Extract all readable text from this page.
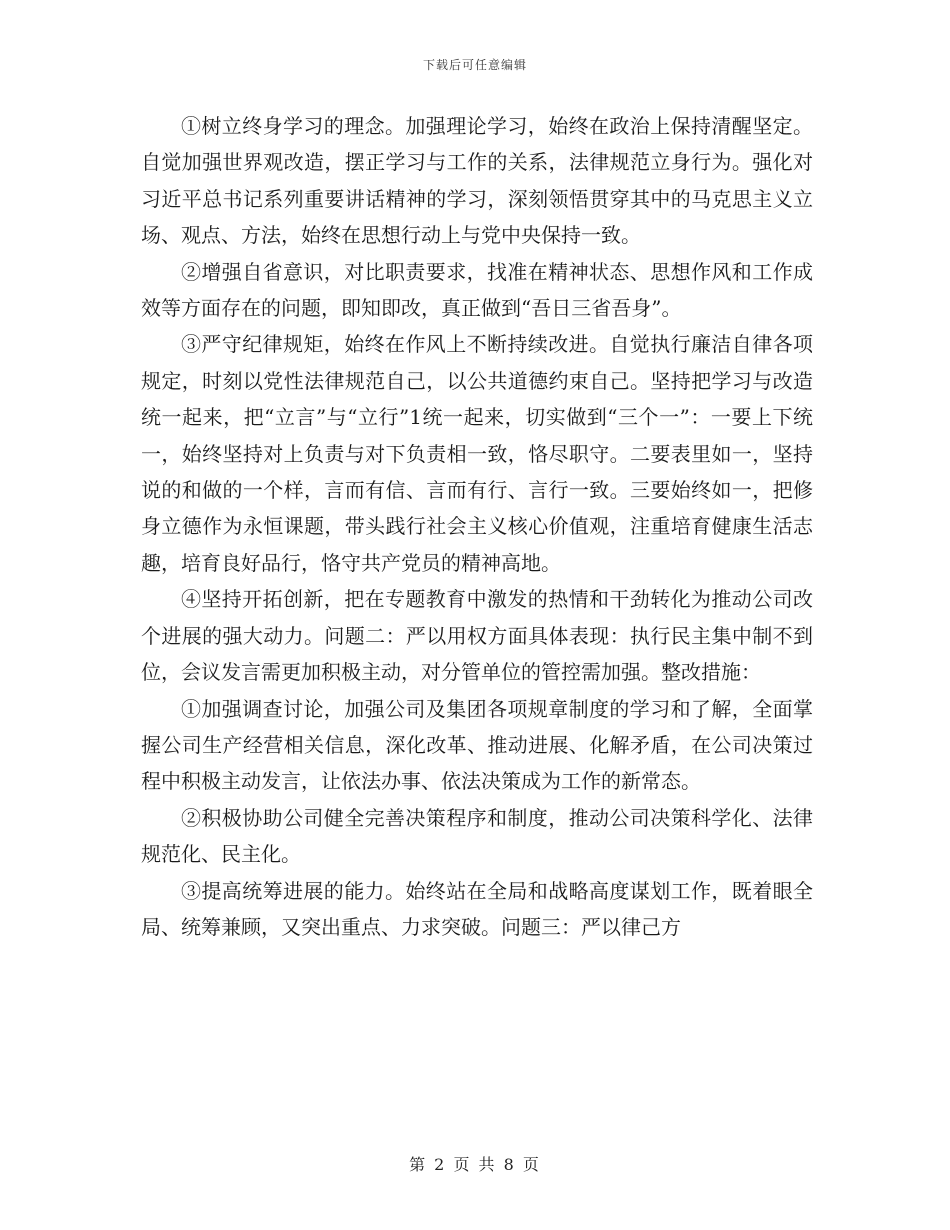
下载后可任意编辑

①树立终身学习的理念。加强理论学习，始终在政治上保持清醒坚定。自觉加强世界观改造，摆正学习与工作的关系，法律规范立身行为。强化对习近平总书记系列重要讲话精神的学习，深刻领悟贯穿其中的马克思主义立场、观点、方法，始终在思想行动上与党中央保持一致。

②增强自省意识，对比职责要求，找准在精神状态、思想作风和工作成效等方面存在的问题，即知即改，真正做到“吾日三省吾身”。

③严守纪律规矩，始终在作风上不断持续改进。自觉执行廉洁自律各项规定，时刻以党性法律规范自己，以公共道德约束自己。坚持把学习与改造统一起来，把“立言”与“立行”1统一起来，切实做到“三个一”：一要上下统一，始终坚持对上负责与对下负责相一致，恪尽职守。二要表里如一，坚持说的和做的一个样，言而有信、言而有行、言行一致。三要始终如一，把修身立德作为永恒课题，带头践行社会主义核心价值观，注重培育健康生活志趣，培育良好品行，恪守共产党员的精神高地。

④坚持开拓创新，把在专题教育中激发的热情和干劲转化为推动公司改个进展的强大动力。问题二：严以用权方面具体表现：执行民主集中制不到位，会议发言需更加积极主动，对分管单位的管控需加强。整改措施：

①加强调查讨论，加强公司及集团各项规章制度的学习和了解，全面掌握公司生产经营相关信息，深化改革、推动进展、化解矛盾，在公司决策过程中积极主动发言，让依法办事、依法决策成为工作的新常态。

②积极协助公司健全完善决策程序和制度，推动公司决策科学化、法律规范化、民主化。

③提高统筹进展的能力。始终站在全局和战略高度谋划工作，既着眼全局、统筹兼顾，又突出重点、力求突破。问题三：严以律己方

第 2 页 共 8 页
